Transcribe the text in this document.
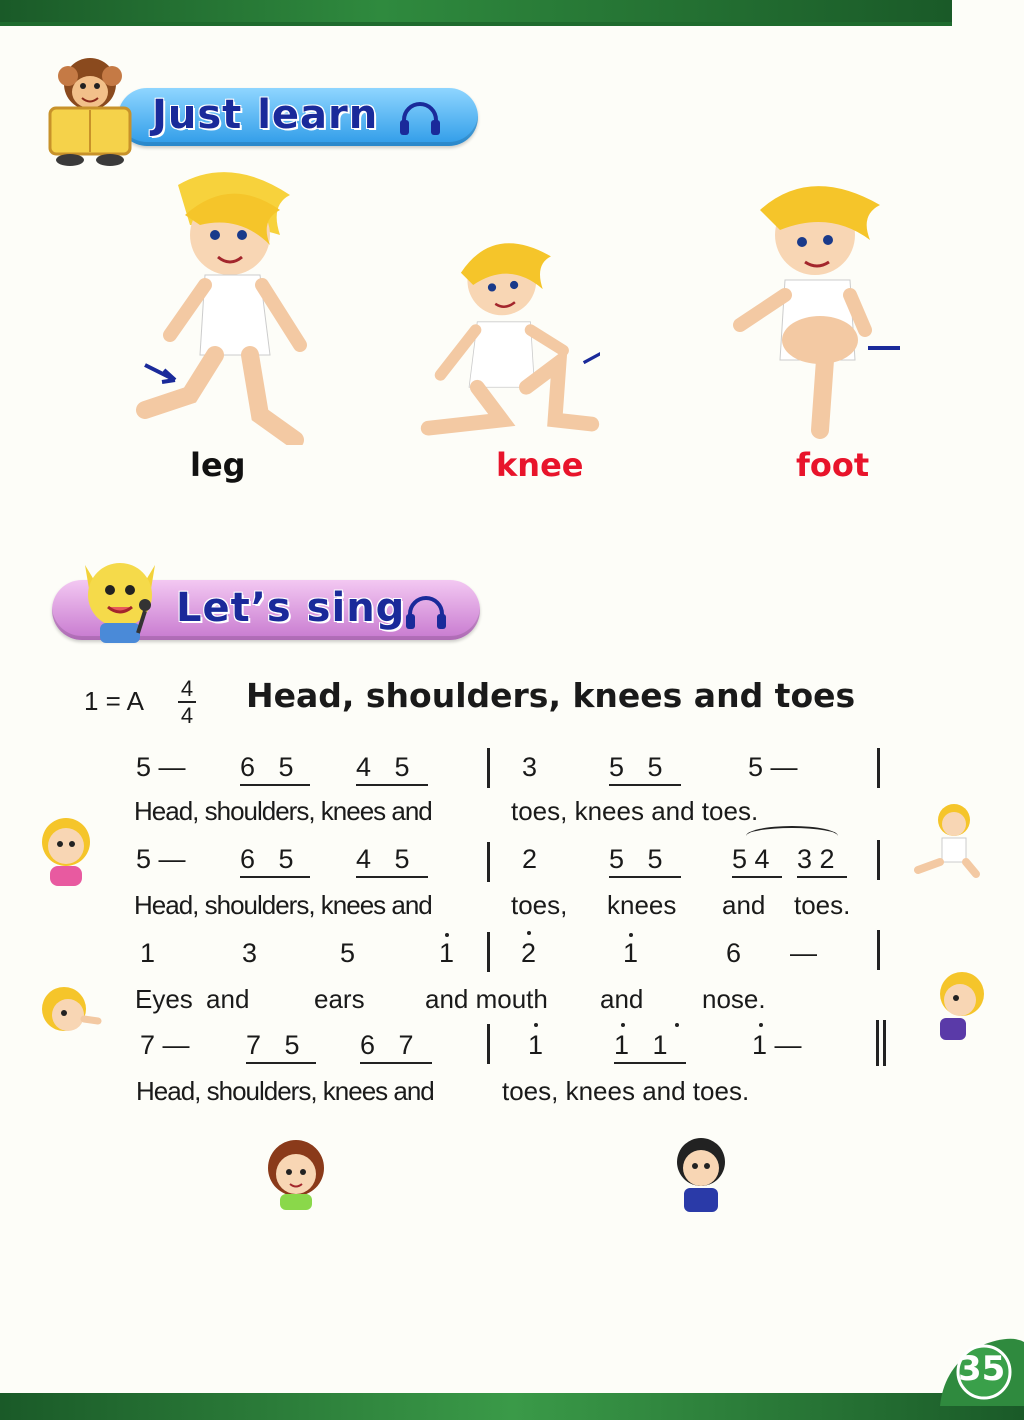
Just learn
leg	knee	foot
Let’s sing
1 = A 4
4
Head, shoulders, knees and toes
5 — 6 5	4 5	3	5 5	5 —
Head, shoulders, knees and	toes, knees and toes.
5 — 6 5	4 5	2	5 5	5 4	3 2
Head, shoulders, knees and	toes, knees and toes.
1	3	5	1 2	1	6 —
Eyes and ears and mouth and nose.
7 — 7 5	6 7	1	1 1	1 —
Head, shoulders, knees and	toes, knees and toes.
35
